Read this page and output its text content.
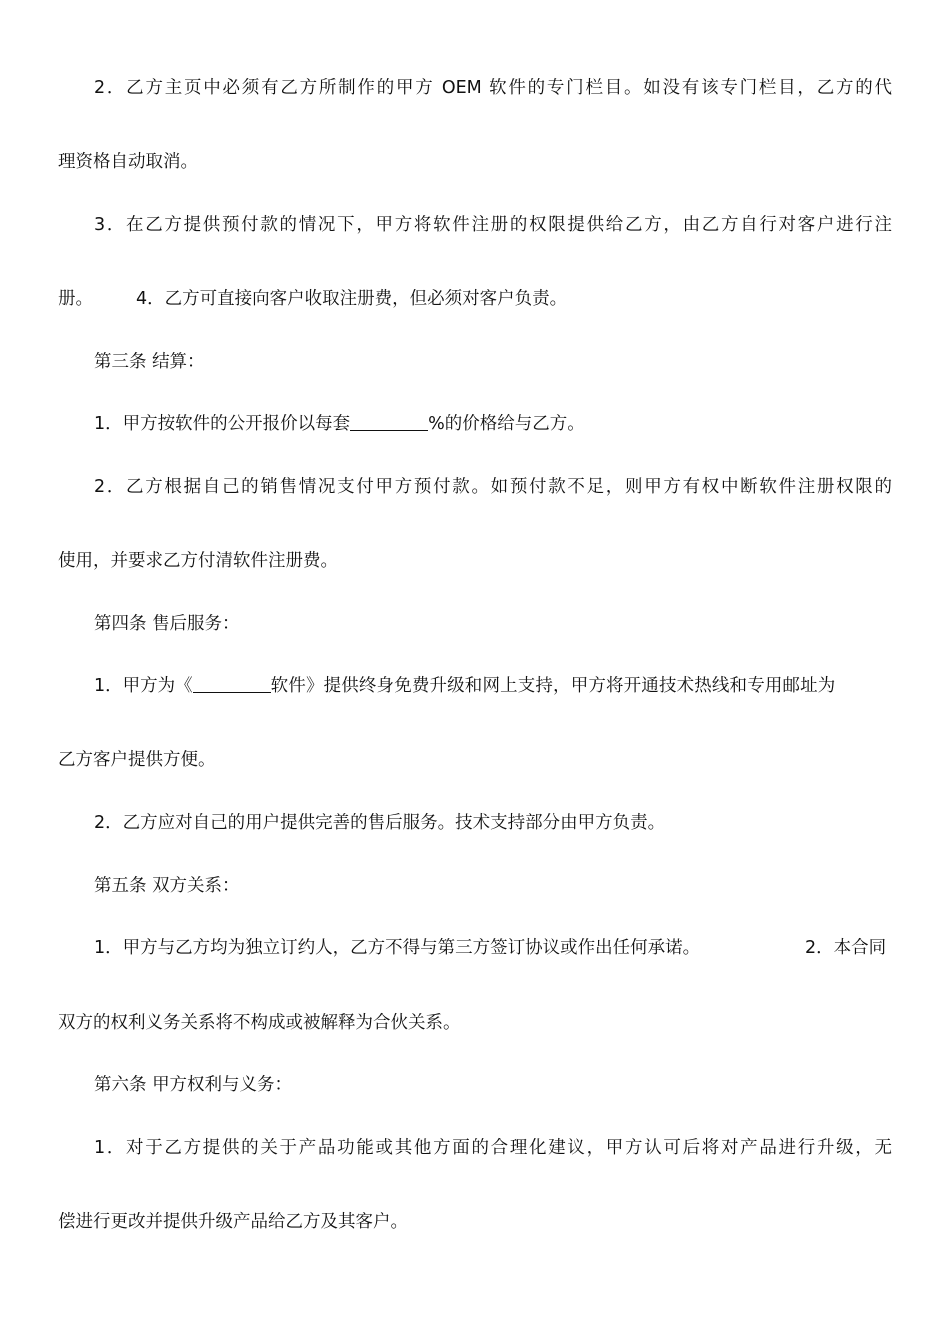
2．乙方主页中必须有乙方所制作的甲方 OEM 软件的专门栏目。如没有该专门栏目，乙方的代
理资格自动取消。
3．在乙方提供预付款的情况下，甲方将软件注册的权限提供给乙方，由乙方自行对客户进行注
册。 4．乙方可直接向客户收取注册费，但必须对客户负责。
第三条 结算：
1．甲方按软件的公开报价以每套	%的价格给与乙方。
2．乙方根据自己的销售情况支付甲方预付款。如预付款不足，则甲方有权中断软件注册权限的
使用，并要求乙方付清软件注册费。
第四条 售后服务：
1．甲方为《	软件》提供终身免费升级和网上支持，甲方将开通技术热线和专用邮址为
乙方客户提供方便。
2．乙方应对自己的用户提供完善的售后服务。技术支持部分由甲方负责。
第五条 双方关系：
1．甲方与乙方均为独立订约人，乙方不得与第三方签订协议或作出任何承诺。	2．本合同
双方的权利义务关系将不构成或被解释为合伙关系。
第六条 甲方权利与义务：
1．对于乙方提供的关于产品功能或其他方面的合理化建议，甲方认可后将对产品进行升级，无
偿进行更改并提供升级产品给乙方及其客户。
